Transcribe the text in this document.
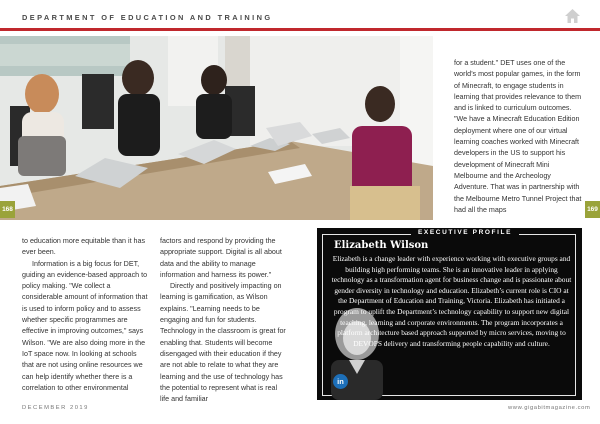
DEPARTMENT OF EDUCATION AND TRAINING
168	169

for a student." DET uses one of the world’s most popular games, in the form of Minecraft, to engage students in learning that provides relevance to them and is linked to curriculum outcomes. "We have a Minecraft Education Edition deployment where one of our virtual learning coaches worked with Minecraft developers in the US to support his development of Minecraft Mini Melbourne and the Archeology Adventure. That was in partnership with the Melbourne Metro Tunnel Project that had all the maps

to education more equitable than it has ever been.

Information is a big focus for DET, guiding an evidence-based approach to policy making. "We collect a considerable amount of information that is used to inform policy and to assess whether specific programmes are effective in improving outcomes," says Wilson. "We are also doing more in the IoT space now. In looking at schools that are not using online resources we can help identify whether there is a correlation to other environmental

factors and respond by providing the appropriate support. Digital is all about data and the ability to manage information and harness its power."

Directly and positively impacting on learning is gamification, as Wilson explains. "Learning needs to be engaging and fun for students. Technology in the classroom is great for enabling that. Students will become disengaged with their education if they are not able to relate to what they are learning and the use of technology has the potential to represent what is real life and familiar

EXECUTIVE PROFILE
Elizabeth Wilson

Elizabeth is a change leader with experience working with executive groups and building high performing teams. She is an innovative leader in applying technology as a transformation agent for business change and is passionate about gender diversity in technology and education. Elizabeth’s current role is CIO at the Department of Education and Training, Victoria. Elizabeth has initiated a program to uplift the Department’s technology capability to support new digital teaching, learning and corporate environments. The program incorporates a platform architecture based approach supported by micro services, moving to DEVOPS delivery and transforming people capability and culture.

in
DECEMBER 2019	www.gigabitmagazine.com
